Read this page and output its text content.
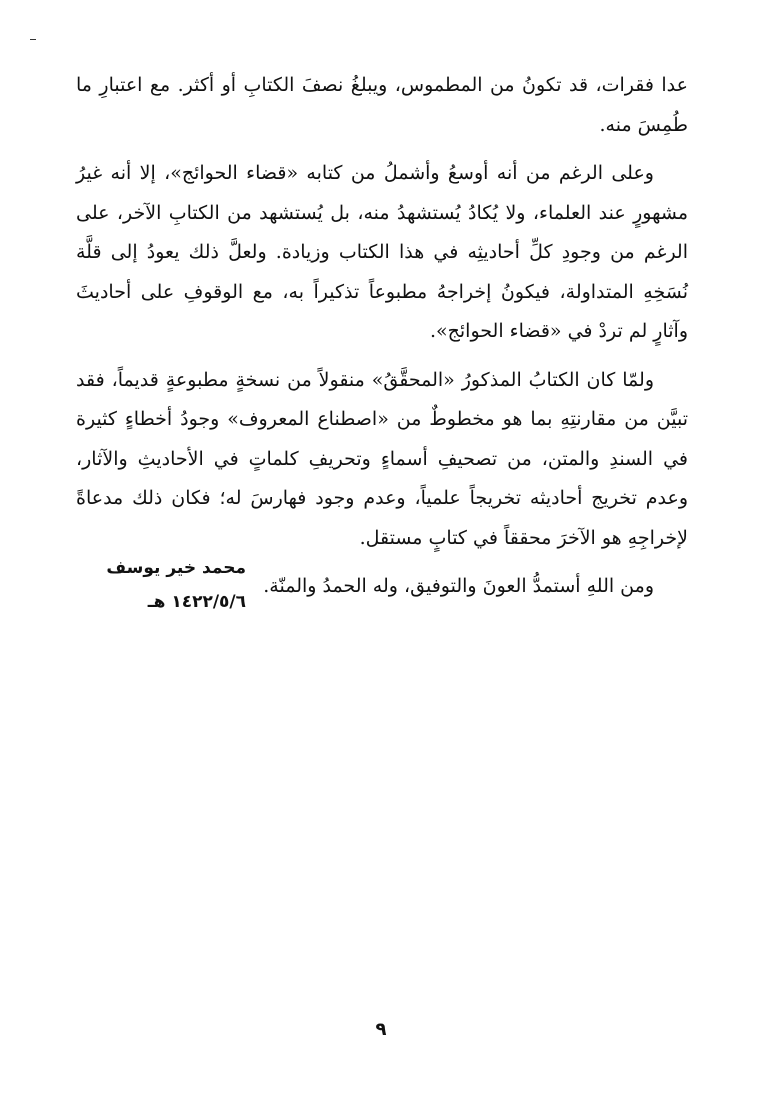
عدا فقرات، قد تكونُ من المطموس، ويبلغُ نصفَ الكتابِ أو أكثر. مع اعتبارِ ما طُمِسَ منه.

وعلى الرغم من أنه أوسعُ وأشملُ من كتابه «قضاء الحوائج»، إلا أنه غيرُ مشهورٍ عند العلماء، ولا يُكادُ يُستشهدُ منه، بل يُستشهد من الكتابِ الآخر، على الرغم من وجودِ كلِّ أحاديثِه في هذا الكتاب وزيادة. ولعلَّ ذلك يعودُ إلى قلَّة نُسَخِهِ المتداولة، فيكونُ إخراجهُ مطبوعاً تذكيراً به، مع الوقوفِ على أحاديثَ وآثارٍ لم تردْ في «قضاء الحوائج».

ولمّا كان الكتابُ المذكورُ «المحقَّقُ» منقولاً من نسخةٍ مطبوعةٍ قديماً، فقد تبيَّن من مقارنتِهِ بما هو مخطوطٌ من «اصطناع المعروف» وجودُ أخطاءٍ كثيرة في السندِ والمتن، من تصحيفِ أسماءٍ وتحريفِ كلماتٍ في الأحاديثِ والآثار، وعدم تخريج أحاديثه تخريجاً علمياً، وعدم وجود فهارسَ له؛ فكان ذلك مدعاةً لإخراجِهِ هو الآخرَ محققاً في كتابٍ مستقل.

ومن اللهِ أستمدُّ العونَ والتوفيق، وله الحمدُ والمنّة.

محمد خير يوسف
١٤٢٢/٥/٦ هـ
٩
